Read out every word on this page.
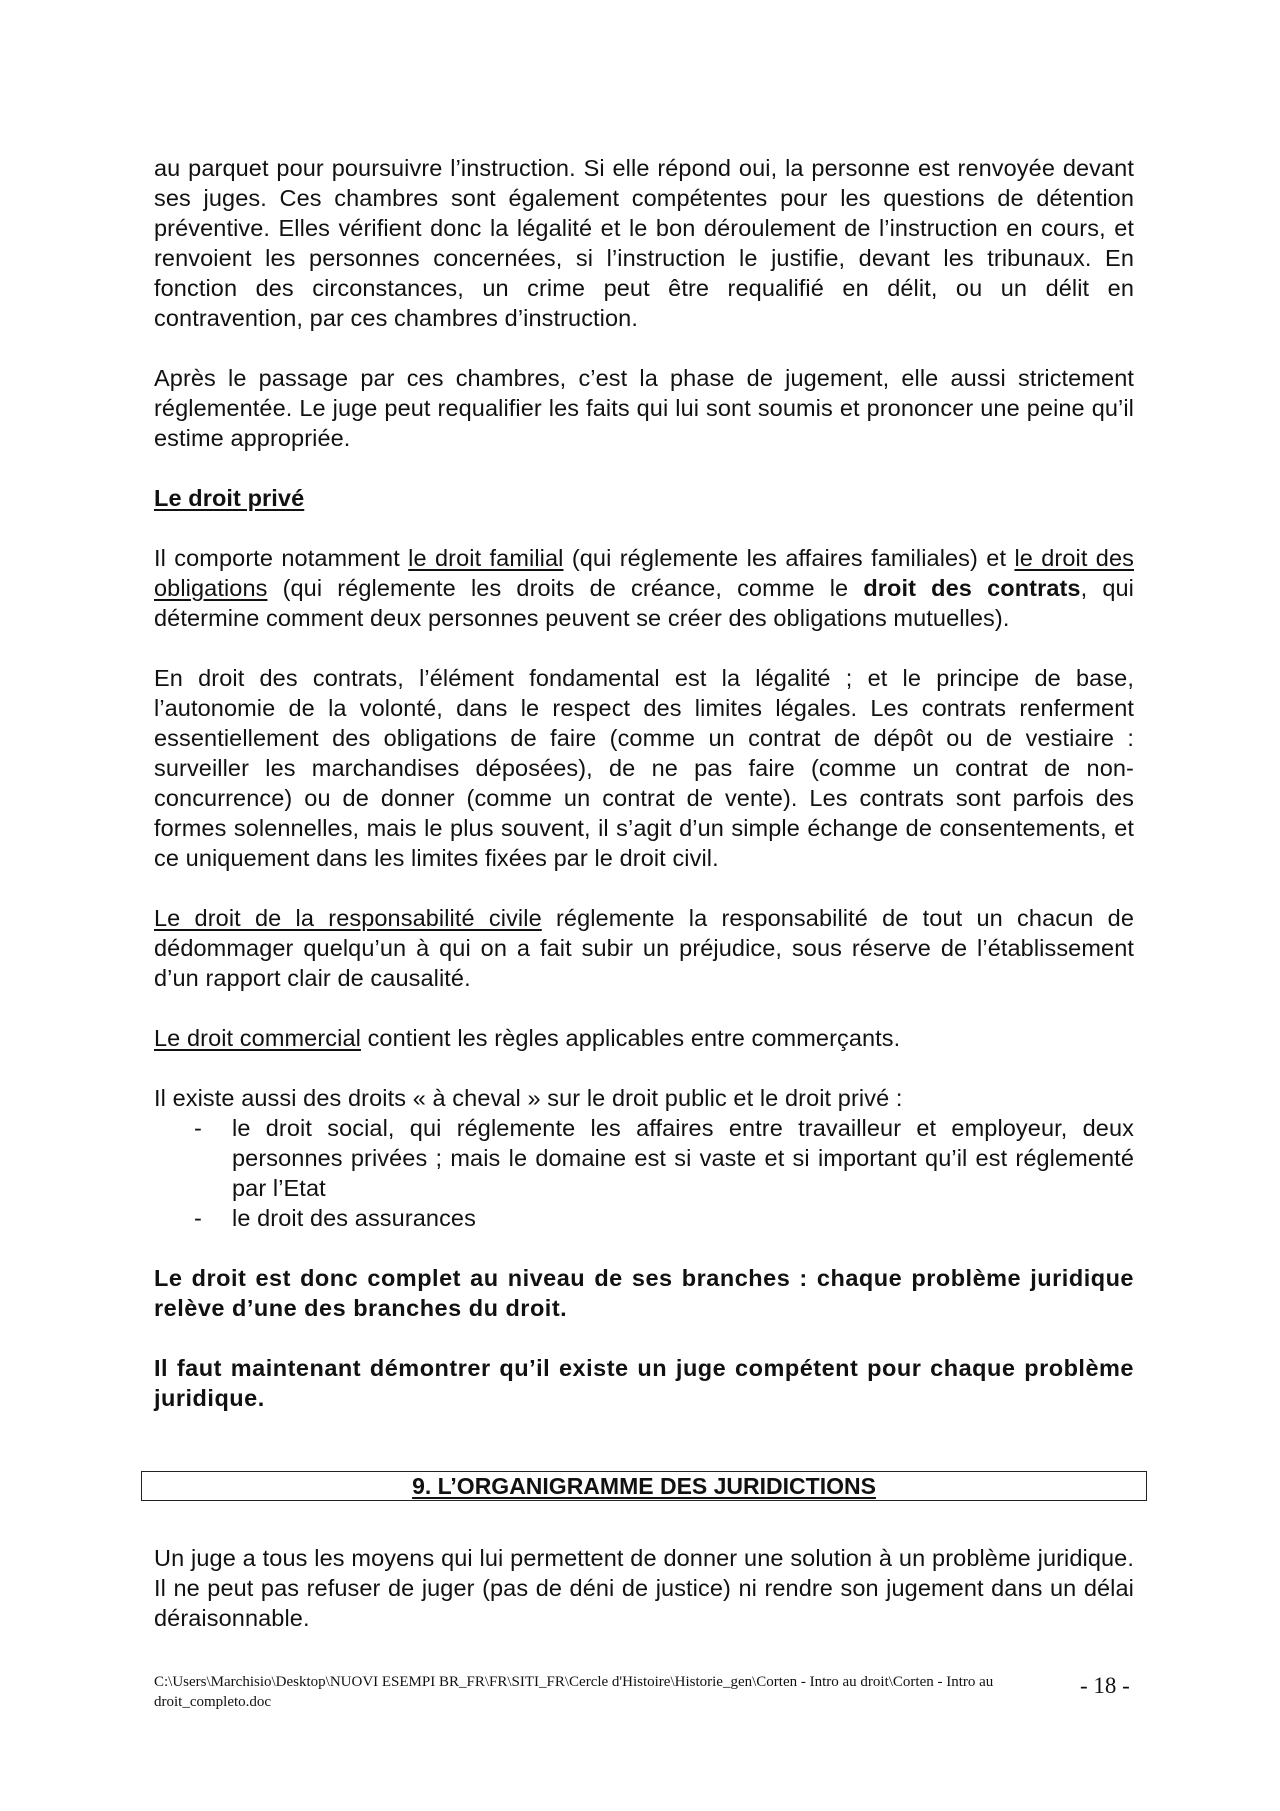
au parquet pour poursuivre l’instruction. Si elle répond oui, la personne est renvoyée devant ses juges. Ces chambres sont également compétentes pour les questions de détention préventive. Elles vérifient donc la légalité et le bon déroulement de l’instruction en cours, et renvoient les personnes concernées, si l’instruction le justifie, devant les tribunaux. En fonction des circonstances, un crime peut être requalifié en délit, ou un délit en contravention, par ces chambres d’instruction.

Après le passage par ces chambres, c’est la phase de jugement, elle aussi strictement réglementée. Le juge peut requalifier les faits qui lui sont soumis et prononcer une peine qu’il estime appropriée.

Le droit privé

Il comporte notamment le droit familial (qui réglemente les affaires familiales) et le droit des obligations (qui réglemente les droits de créance, comme le droit des contrats, qui détermine comment deux personnes peuvent se créer des obligations mutuelles).

En droit des contrats, l’élément fondamental est la légalité ; et le principe de base, l’autonomie de la volonté, dans le respect des limites légales. Les contrats renferment essentiellement des obligations de faire (comme un contrat de dépôt ou de vestiaire : surveiller les marchandises déposées), de ne pas faire (comme un contrat de non-concurrence) ou de donner (comme un contrat de vente). Les contrats sont parfois des formes solennelles, mais le plus souvent, il s’agit d’un simple échange de consentements, et ce uniquement dans les limites fixées par le droit civil.

Le droit de la responsabilité civile réglemente la responsabilité de tout un chacun de dédommager quelqu’un à qui on a fait subir un préjudice, sous réserve de l’établissement d’un rapport clair de causalité.

Le droit commercial contient les règles applicables entre commerçants.

Il existe aussi des droits « à cheval » sur le droit public et le droit privé :

- le droit social, qui réglemente les affaires entre travailleur et employeur, deux personnes privées ; mais le domaine est si vaste et si important qu’il est réglementé par l’Etat
- le droit des assurances

Le droit est donc complet au niveau de ses branches : chaque problème juridique relève d’une des branches du droit.

Il faut maintenant démontrer qu’il existe un juge compétent pour chaque problème juridique.

9. L’ORGANIGRAMME DES JURIDICTIONS

Un juge a tous les moyens qui lui permettent de donner une solution à un problème juridique. Il ne peut pas refuser de juger (pas de déni de justice) ni rendre son jugement dans un délai déraisonnable.

C:\Users\Marchisio\Desktop\NUOVI ESEMPI BR_FR\FR\SITI_FR\Cercle d'Histoire\Historie_gen\Corten - Intro au droit\Corten - Intro au droit_completo.doc
- 18 -
